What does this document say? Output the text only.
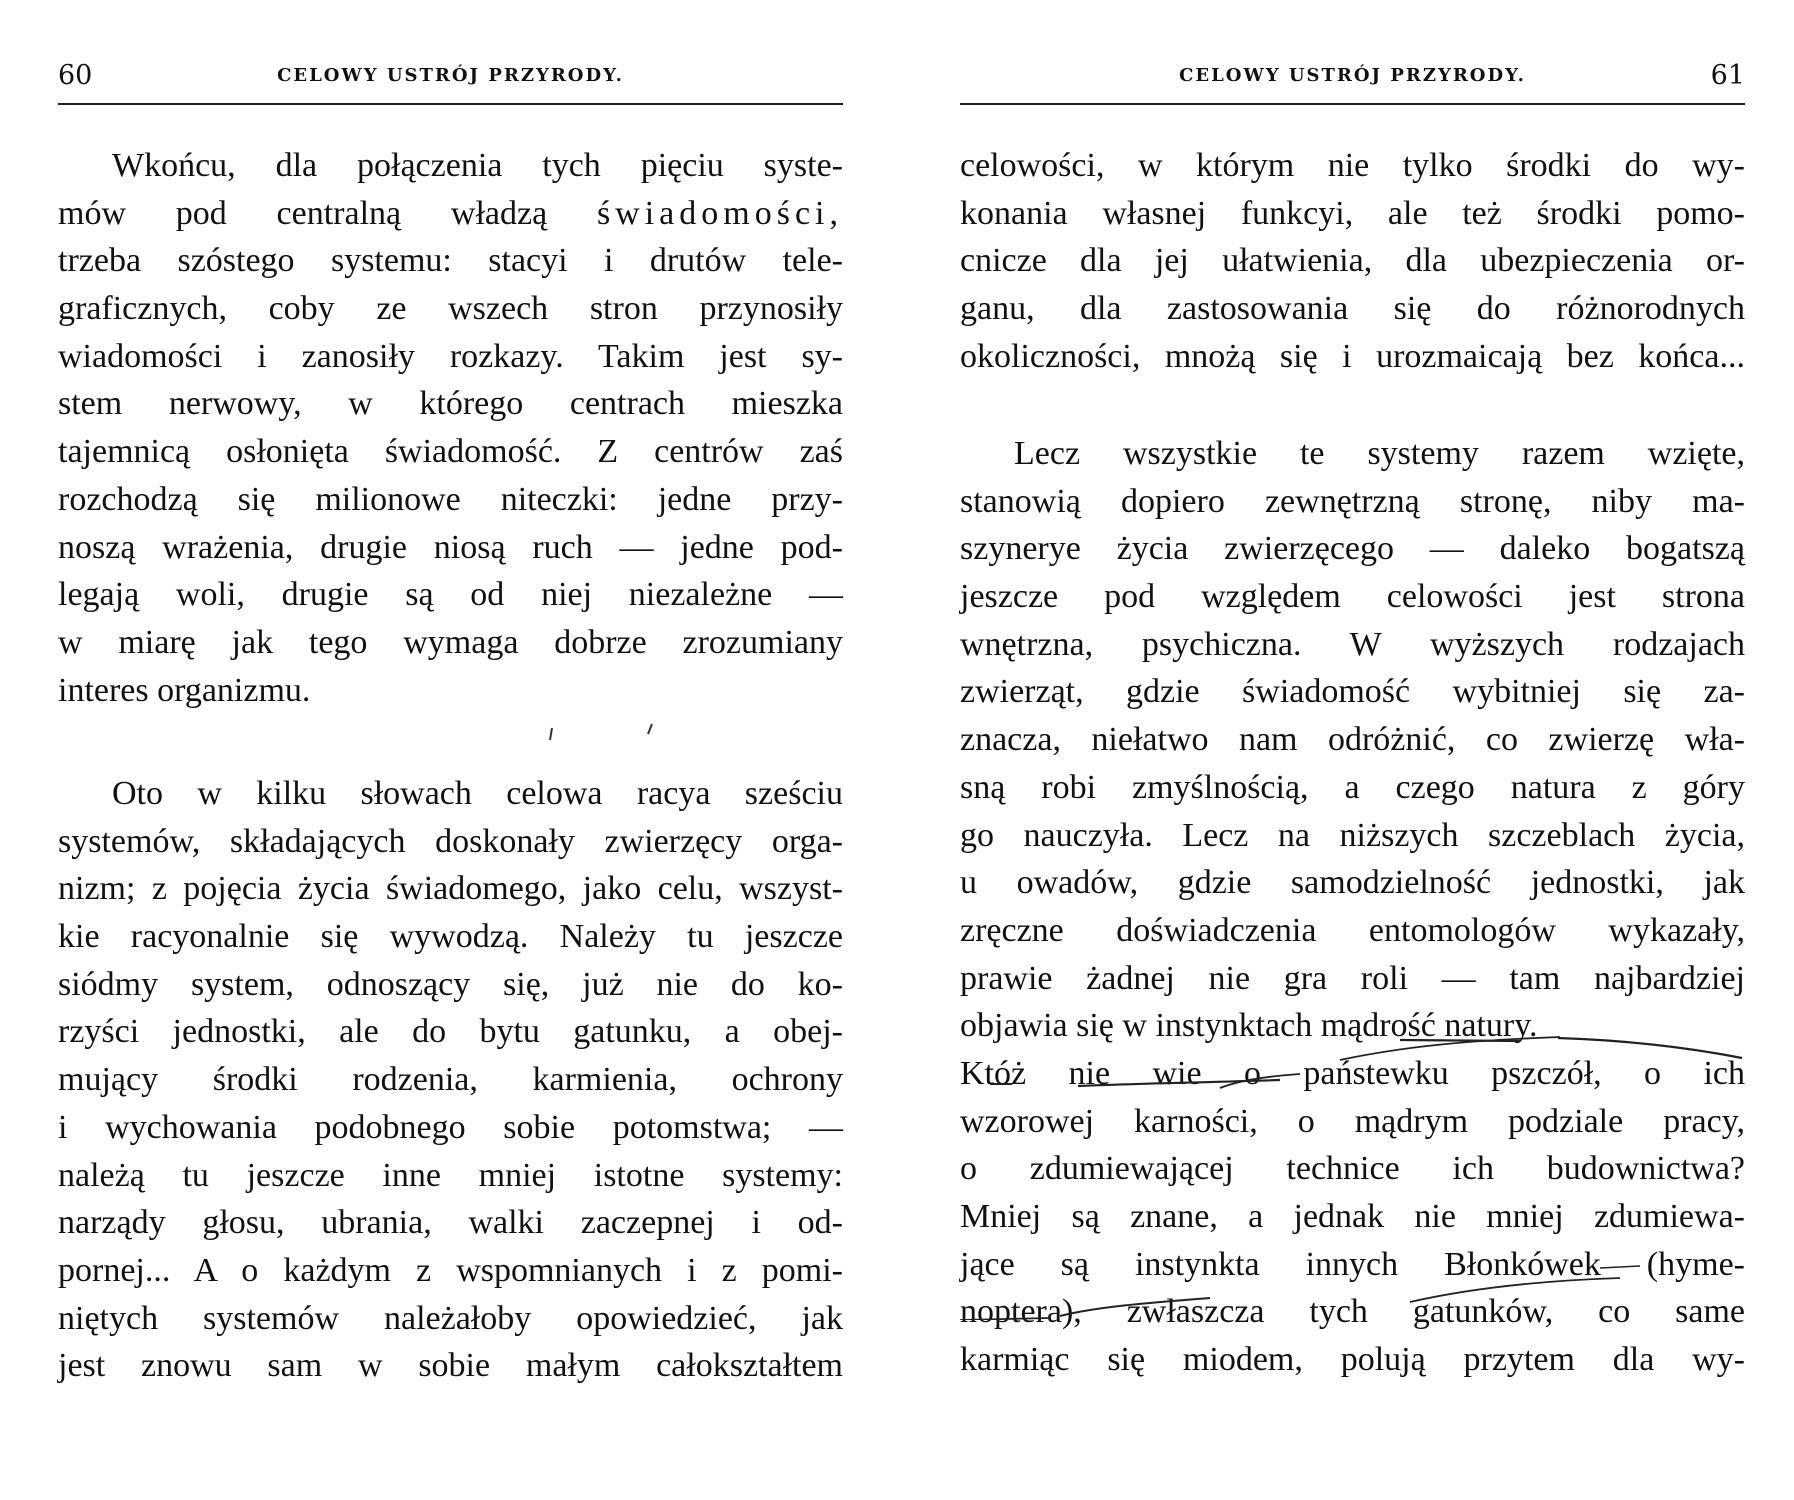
60	CELOWY USTRÓJ PRZYRODY.
Wkońcu, dla połączenia tych pięciu syste-
mów pod centralną władzą świadomości,
trzeba szóstego systemu: stacyi i drutów tele-
graficznych, coby ze wszech stron przynosiły
wiadomości i zanosiły rozkazy. Takim jest sy-
stem nerwowy, w którego centrach mieszka
tajemnicą osłonięta świadomość. Z centrów zaś
rozchodzą się milionowe niteczki: jedne przy-
noszą wrażenia, drugie niosą ruch — jedne pod-
legają woli, drugie są od niej niezależne —
w miarę jak tego wymaga dobrze zrozumiany
interes organizmu.
Oto w kilku słowach celowa racya sześciu
systemów, składających doskonały zwierzęcy orga-
nizm; z pojęcia życia świadomego, jako celu, wszyst-
kie racyonalnie się wywodzą. Należy tu jeszcze
siódmy system, odnoszący się, już nie do ko-
rzyści jednostki, ale do bytu gatunku, a obej-
mujący środki rodzenia, karmienia, ochrony
i wychowania podobnego sobie potomstwa; —
należą tu jeszcze inne mniej istotne systemy:
narządy głosu, ubrania, walki zaczepnej i od-
pornej... A o każdym z wspomnianych i z pomi-
niętych systemów należałoby opowiedzieć, jak
jest znowu sam w sobie małym całokształtem
CELOWY USTRÓJ PRZYRODY.	61
celowości, w którym nie tylko środki do wy-
konania własnej funkcyi, ale też środki pomo-
cnicze dla jej ułatwienia, dla ubezpieczenia or-
ganu, dla zastosowania się do różnorodnych
okoliczności, mnożą się i urozmaicają bez końca...
Lecz wszystkie te systemy razem wzięte,
stanowią dopiero zewnętrzną stronę, niby ma-
szynerye życia zwierzęcego — daleko bogatszą
jeszcze pod względem celowości jest strona
wnętrzna, psychiczna. W wyższych rodzajach
zwierząt, gdzie świadomość wybitniej się za-
znacza, niełatwo nam odróżnić, co zwierzę wła-
sną robi zmyślnością, a czego natura z góry
go nauczyła. Lecz na niższych szczeblach życia,
u owadów, gdzie samodzielność jednostki, jak
zręczne doświadczenia entomologów wykazały,
prawie żadnej nie gra roli — tam najbardziej
objawia się w instynktach mądrość natury.
Któż nie wie o państewku pszczół, o ich
wzorowej karności, o mądrym podziale pracy,
o zdumiewającej technice ich budownictwa?
Mniej są znane, a jednak nie mniej zdumiewa-
jące są instynkta innych Błonkówek (hyme-
noptera), zwłaszcza tych gatunków, co same
karmiąc się miodem, polują przytem dla wy-
